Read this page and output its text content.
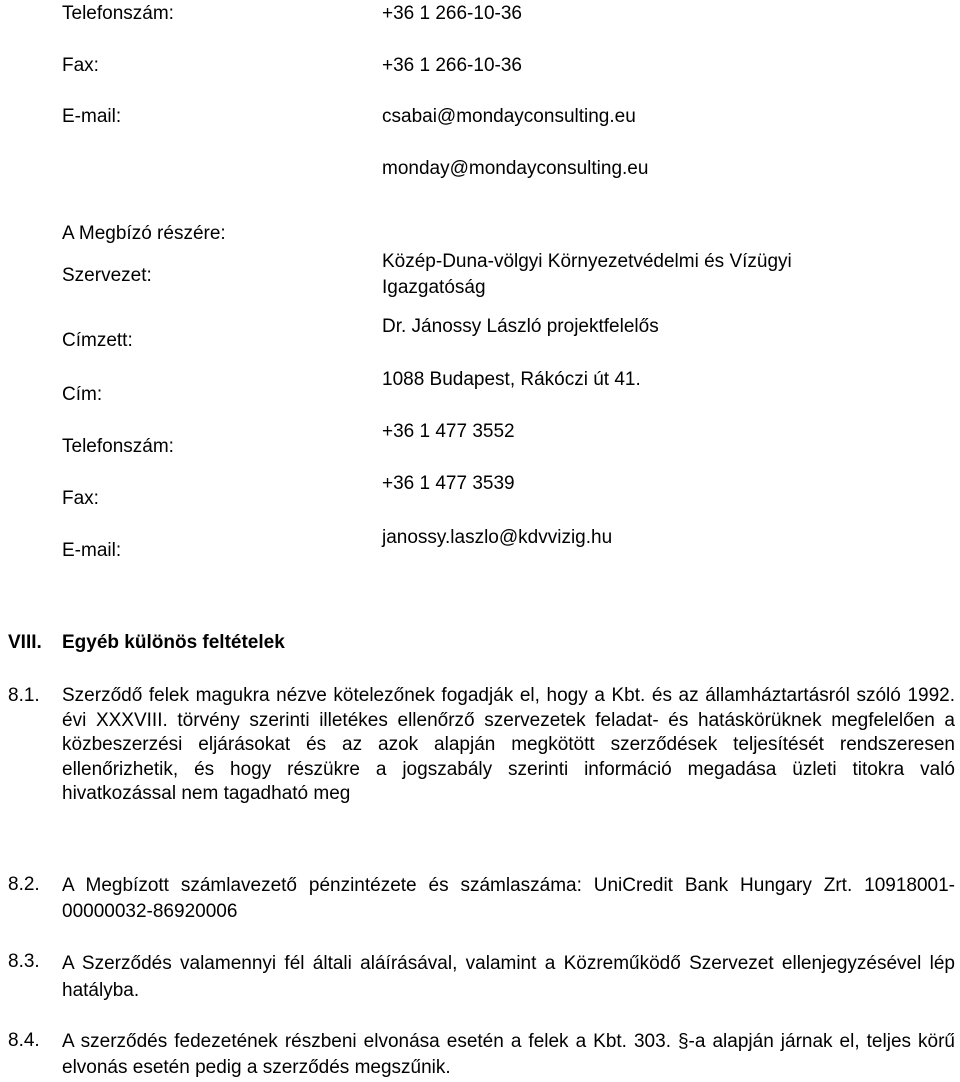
Telefonszám:	+36 1 266-10-36
Fax:	+36 1 266-10-36
E-mail:	csabai@mondayconsulting.eu
monday@mondayconsulting.eu
A Megbízó részére:
Szervezet:
Közép-Duna-völgyi Környezetvédelmi és Vízügyi
Igazgatóság
Címzett:
Dr. Jánossy László projektfelelős
Cím:
1088 Budapest, Rákóczi út 41.
Telefonszám:
+36 1 477 3552
Fax:
+36 1 477 3539
E-mail:
janossy.laszlo@kdvvizig.hu
VIII. Egyéb különös feltételek
8.1. Szerződő felek magukra nézve kötelezőnek fogadják el, hogy a Kbt. és az államháztartásról szóló 1992. évi XXXVIII. törvény szerinti illetékes ellenőrző szervezetek feladat- és hatáskörüknek megfelelően a közbeszerzési eljárásokat és az azok alapján megkötött szerződések teljesítését rendszeresen ellenőrizhetik, és hogy részükre a jogszabály szerinti információ megadása üzleti titokra való hivatkozással nem tagadható meg
8.2. A Megbízott számlavezető pénzintézete és számlaszáma: UniCredit Bank Hungary Zrt. 10918001-00000032-86920006
8.3. A Szerződés valamennyi fél általi aláírásával, valamint a Közreműködő Szervezet ellenjegyzésével lép hatályba.
8.4. A szerződés fedezetének részbeni elvonása esetén a felek a Kbt. 303. §-a alapján járnak el, teljes körű elvonás esetén pedig a szerződés megszűnik.
